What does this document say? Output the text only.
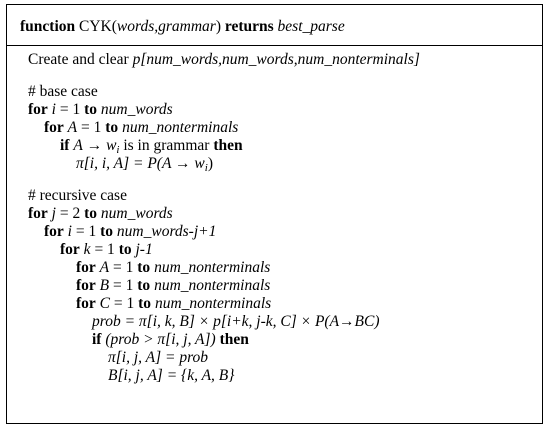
function CYK(words,grammar) returns best_parse
Create and clear p[num_words,num_words,num_nonterminals]
# base case
for i = 1 to num_words
for A = 1 to num_nonterminals
if $A \to w_i$ is in grammar then
π[i, i, $A] = P(A \to w_i)$
# recursive case
for j = 2 to num_words
for i = 1 to num_words-j+1
for k = 1 to j-1
for A = 1 to num_nonterminals
for B = 1 to num_nonterminals
for C = 1 to num_nonterminals
prob = π[i, k, B] × p[i+k, j-k, C] × P(A→BC)
if (prob > π[i, j, A]) then
π[i, j, A] = prob
B[i, j, A] = {k, A, B}
